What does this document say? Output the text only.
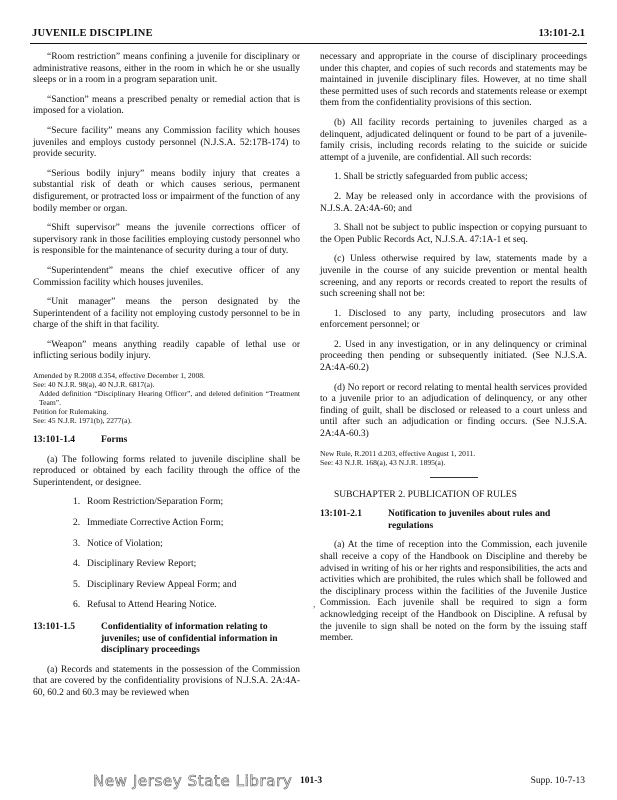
JUVENILE DISCIPLINE	13:101-2.1

“Room restriction” means confining a juvenile for disciplinary or administrative reasons, either in the room in which he or she usually sleeps or in a room in a program separation unit.

“Sanction” means a prescribed penalty or remedial action that is imposed for a violation.

“Secure facility” means any Commission facility which houses juveniles and employs custody personnel (N.J.S.A. 52:17B-174) to provide security.

“Serious bodily injury” means bodily injury that creates a substantial risk of death or which causes serious, permanent disfigurement, or protracted loss or impairment of the function of any bodily member or organ.

“Shift supervisor” means the juvenile corrections officer of supervisory rank in those facilities employing custody personnel who is responsible for the maintenance of security during a tour of duty.

“Superintendent” means the chief executive officer of any Commission facility which houses juveniles.

“Unit manager” means the person designated by the Superintendent of a facility not employing custody personnel to be in charge of the shift in that facility.

“Weapon” means anything readily capable of lethal use or inflicting serious bodily injury.

Amended by R.2008 d.354, effective December 1, 2008.
See: 40 N.J.R. 98(a), 40 N.J.R. 6817(a).
Added definition “Disciplinary Hearing Officer”, and deleted definition “Treatment Team”.
Petition for Rulemaking.
See: 45 N.J.R. 1971(b), 2277(a).
13:101-1.4	Forms

(a) The following forms related to juvenile discipline shall be reproduced or obtained by each facility through the office of the Superintendent, or designee.

1. Room Restriction/Separation Form;
2. Immediate Corrective Action Form;
3. Notice of Violation;
4. Disciplinary Review Report;
5. Disciplinary Review Appeal Form; and
6. Refusal to Attend Hearing Notice.
13:101-1.5	Confidentiality of information relating to juveniles; use of confidential information in disciplinary proceedings

(a) Records and statements in the possession of the Commission that are covered by the confidentiality provisions of N.J.S.A. 2A:4A-60, 60.2 and 60.3 may be reviewed when

necessary and appropriate in the course of disciplinary proceedings under this chapter, and copies of such records and statements may be maintained in juvenile disciplinary files. However, at no time shall these permitted uses of such records and statements release or exempt them from the confidentiality provisions of this section.

(b) All facility records pertaining to juveniles charged as a delinquent, adjudicated delinquent or found to be part of a juvenile-family crisis, including records relating to the suicide or suicide attempt of a juvenile, are confidential. All such records:

1. Shall be strictly safeguarded from public access;

2. May be released only in accordance with the provisions of N.J.S.A. 2A:4A-60; and

3. Shall not be subject to public inspection or copying pursuant to the Open Public Records Act, N.J.S.A. 47:1A-1 et seq.

(c) Unless otherwise required by law, statements made by a juvenile in the course of any suicide prevention or mental health screening, and any reports or records created to report the results of such screening shall not be:

1. Disclosed to any party, including prosecutors and law enforcement personnel; or

2. Used in any investigation, or in any delinquency or criminal proceeding then pending or subsequently initiated. (See N.J.S.A. 2A:4A-60.2)

(d) No report or record relating to mental health services provided to a juvenile prior to an adjudication of delinquency, or any other finding of guilt, shall be disclosed or released to a court unless and until after such an adjudication or finding occurs. (See N.J.S.A. 2A:4A-60.3)

New Rule, R.2011 d.203, effective August 1, 2011.
See: 43 N.J.R. 168(a), 43 N.J.R. 1895(a).

SUBCHAPTER 2. PUBLICATION OF RULES

13:101-2.1	Notification to juveniles about rules and regulations

(a) At the time of reception into the Commission, each juvenile shall receive a copy of the Handbook on Discipline and thereby be advised in writing of his or her rights and responsibilities, the acts and activities which are prohibited, the rules which shall be followed and the disciplinary process within the facilities of the Juvenile Justice Commission. Each juvenile shall be required to sign a form acknowledging receipt of the Handbook on Discipline. A refusal by the juvenile to sign shall be noted on the form by the issuing staff member.

,
New Jersey State Library 101-3	Supp. 10-7-13
